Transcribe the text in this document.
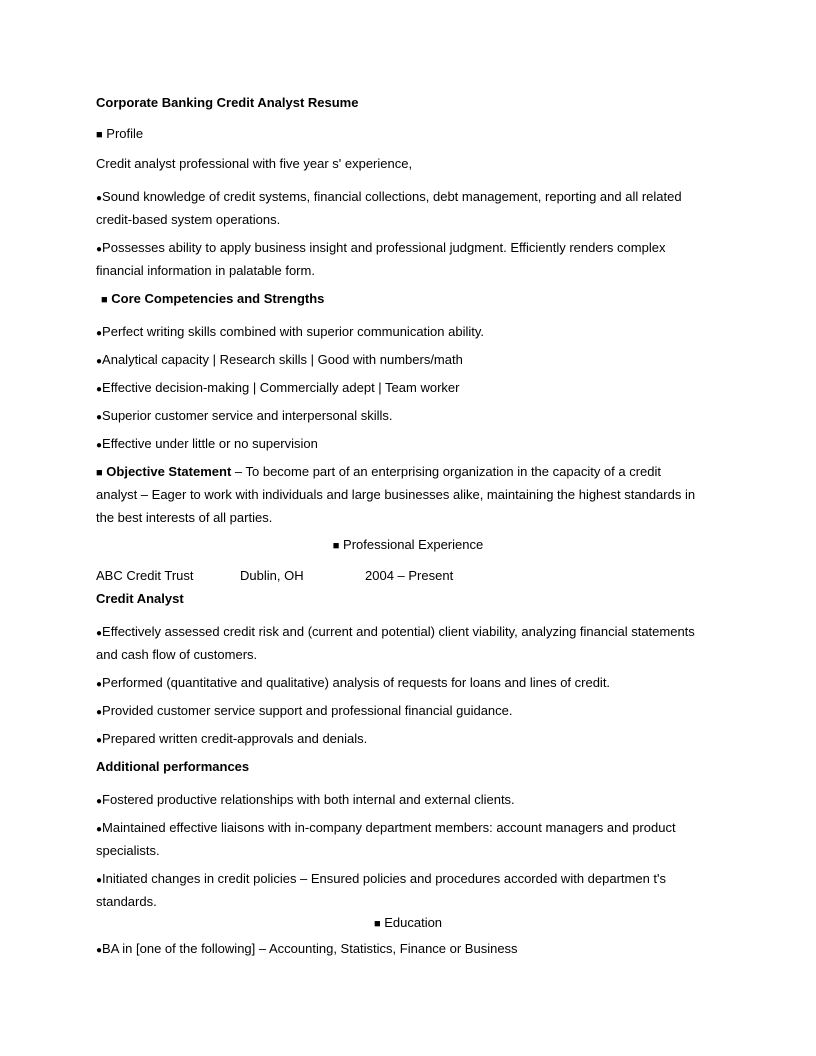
Corporate Banking Credit Analyst Resume
■ Profile
Credit analyst professional with five year s' experience,
●Sound knowledge of credit systems, financial collections, debt management, reporting and all related
credit-based system operations.
●Possesses ability to apply business insight and professional judgment. Efficiently renders complex
financial information in palatable form.
■ Core Competencies and Strengths
●Perfect writing skills combined with superior communication ability.
●Analytical capacity | Research skills | Good with numbers/math
●Effective decision-making | Commercially adept | Team worker
●Superior customer service and interpersonal skills.
●Effective under little or no supervision
■ Objective Statement – To become part of an enterprising organization in the capacity of a credit
analyst – Eager to work with individuals and large businesses alike, maintaining the highest standards in
the best interests of all parties.
■ Professional Experience
ABC Credit Trust	Dublin, OH	2004 – Present
Credit Analyst
●Effectively assessed credit risk and (current and potential) client viability, analyzing financial statements
and cash flow of customers.
●Performed (quantitative and qualitative) analysis of requests for loans and lines of credit.
●Provided customer service support and professional financial guidance.
●Prepared written credit-approvals and denials.
Additional performances
●Fostered productive relationships with both internal and external clients.
●Maintained effective liaisons with in-company department members: account managers and product
specialists.
●Initiated changes in credit policies – Ensured policies and procedures accorded with departmen t's
standards.
■ Education
●BA in [one of the following] – Accounting, Statistics, Finance or Business
